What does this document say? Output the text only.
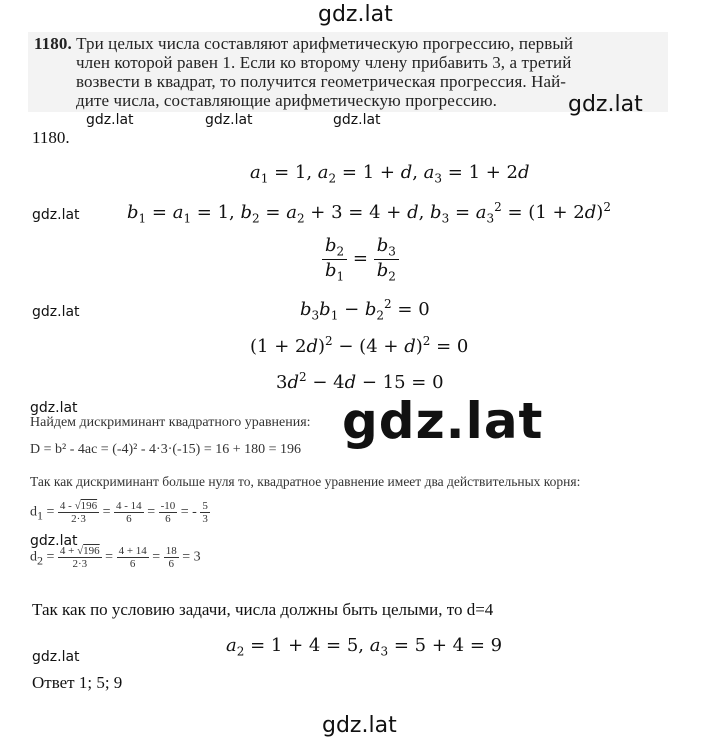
gdz.lat
1180. Три целых числа составляют арифметическую прогрессию, первый
член которой равен 1. Если ко второму члену прибавить 3, а третий
возвести в квадрат, то получится геометрическая прогрессия. Най-
дите числа, составляющие арифметическую прогрессию.	gdz.lat
gdz.lat	gdz.lat	gdz.lat
1180.
$a_1 = 1$, $a_2 = 1 + d$, $a_3 = 1 + 2d$
gdz.lat	$b_1 = a_1 = 1$, $b_2 = a_2 + 3 = 4 + d$, $b_3 = a_3^2 = (1 + 2d)^2$
$\frac{b_2}{b_1} = \frac{b_3}{b_2}$
gdz.lat	$b_3b_1 - b_2^2 = 0$
$(1 + 2d)^2 - (4 + d)^2 = 0$
$3d^2 - 4d - 15 = 0$
gdz.lat
Найдем дискриминант квадратного уравнения: gdz.lat
D = b² - 4ac = (-4)² - 4·3·(-15) = 16 + 180 = 196
Так как дискриминант больше нуля то, квадратное уравнение имеет два действительных корня:
$d_1 = \frac{4 - √196}{2\cdot 3} = \frac{4 - 14}{6} = \frac{-10}{6}$ = - $\frac{5}{3}$
gdz.lat
$d_2 = \frac{4 + √196}{2\cdot 3} = \frac{4 + 14}{6} = \frac{18}{6} = 3$
Так как по условию задачи, числа должны быть целыми, то d=4
$a_2 = 1 + 4 = 5$, $a_3 = 5 + 4 = 9$
gdz.lat
Ответ 1; 5; 9
gdz.lat
